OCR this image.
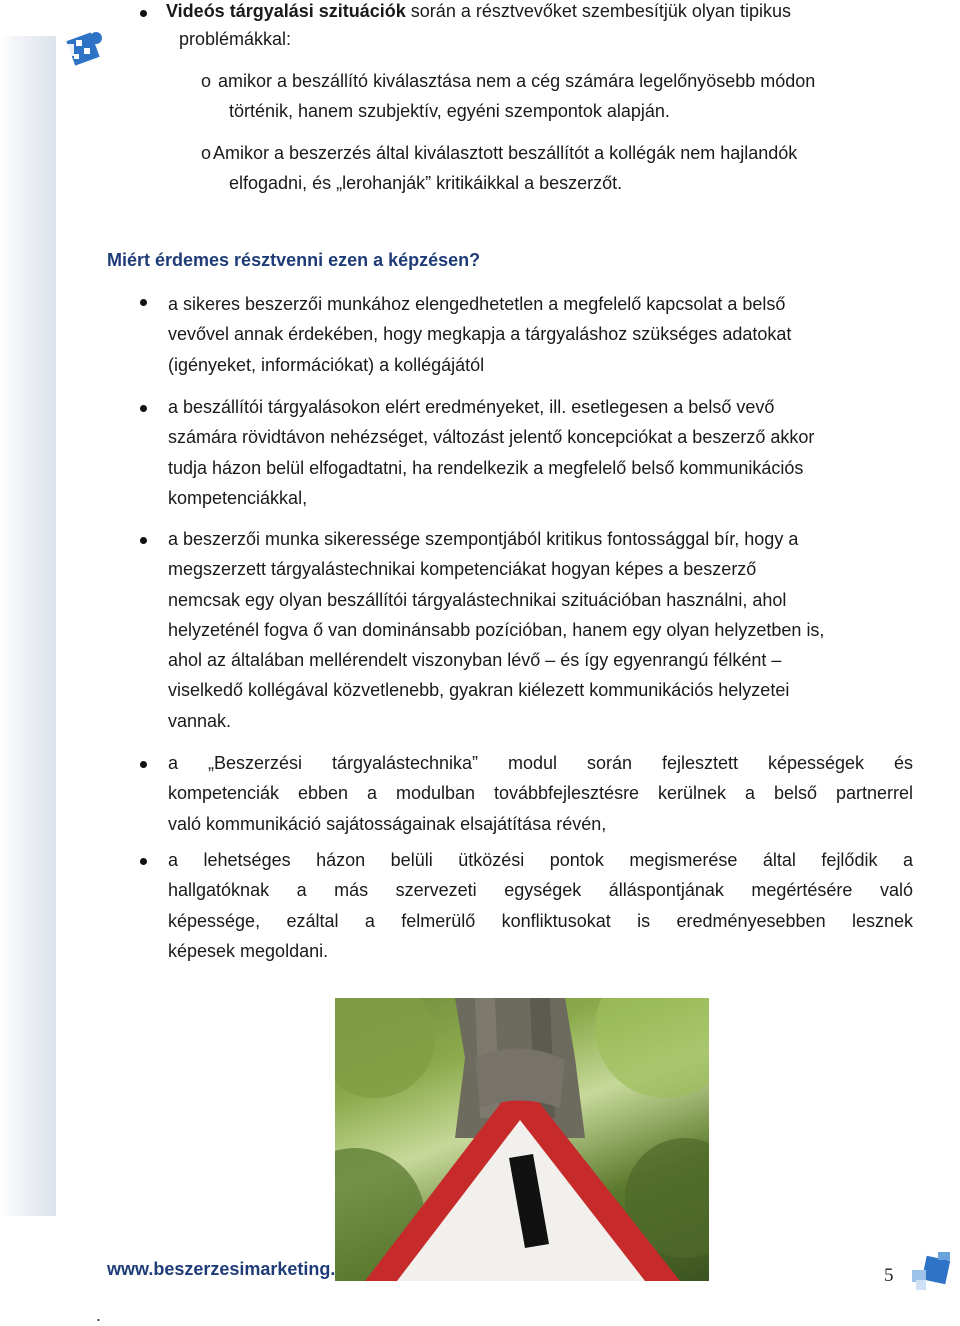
Videós tárgyalási szituációk során a résztvevőket szembesítjük olyan tipikus

problémákkal:

o amikor a beszállító kiválasztása nem a cég számára legelőnyösebb módon

történik, hanem szubjektív, egyéni szempontok alapján.

o Amikor a beszerzés által kiválasztott beszállítót a kollégák nem hajlandók

elfogadni, és „lerohanják” kritikáikkal a beszerzőt.

Miért érdemes résztvenni ezen a képzésen?

a sikeres beszerzői munkához elengedhetetlen a megfelelő kapcsolat a belső
vevővel annak érdekében, hogy megkapja a tárgyaláshoz szükséges adatokat
(igényeket, információkat) a kollégájától

a beszállítói tárgyalásokon elért eredményeket, ill. esetlegesen a belső vevő
számára rövidtávon nehézséget, változást jelentő koncepciókat a beszerző akkor
tudja házon belül elfogadtatni, ha rendelkezik a megfelelő belső kommunikációs
kompetenciákkal,

a beszerzői munka sikeressége szempontjából kritikus fontossággal bír, hogy a
megszerzett tárgyalástechnikai kompetenciákat hogyan képes a beszerző
nemcsak egy olyan beszállítói tárgyalástechnikai szituációban használni, ahol
helyzeténél fogva ő van dominánsabb pozícióban, hanem egy olyan helyzetben is,
ahol az általában mellérendelt viszonyban lévő – és így egyenrangú félként –
viselkedő kollégával közvetlenebb, gyakran kiélezett kommunikációs helyzetei
vannak.

a „Beszerzési tárgyalástechnika” modul során fejlesztett képességek és
kompetenciák ebben a modulban továbbfejlesztésre kerülnek a belső partnerrel
való kommunikáció sajátosságainak elsajátítása révén,
a lehetséges házon belüli ütközési pontok megismerése által fejlődik a
hallgatóknak a más szervezeti egységek álláspontjának megértésére való
képessége, ezáltal a felmerülő konfliktusokat is eredményesebben lesznek
képesek megoldani.

www.beszerzesimarketing.	5

.
